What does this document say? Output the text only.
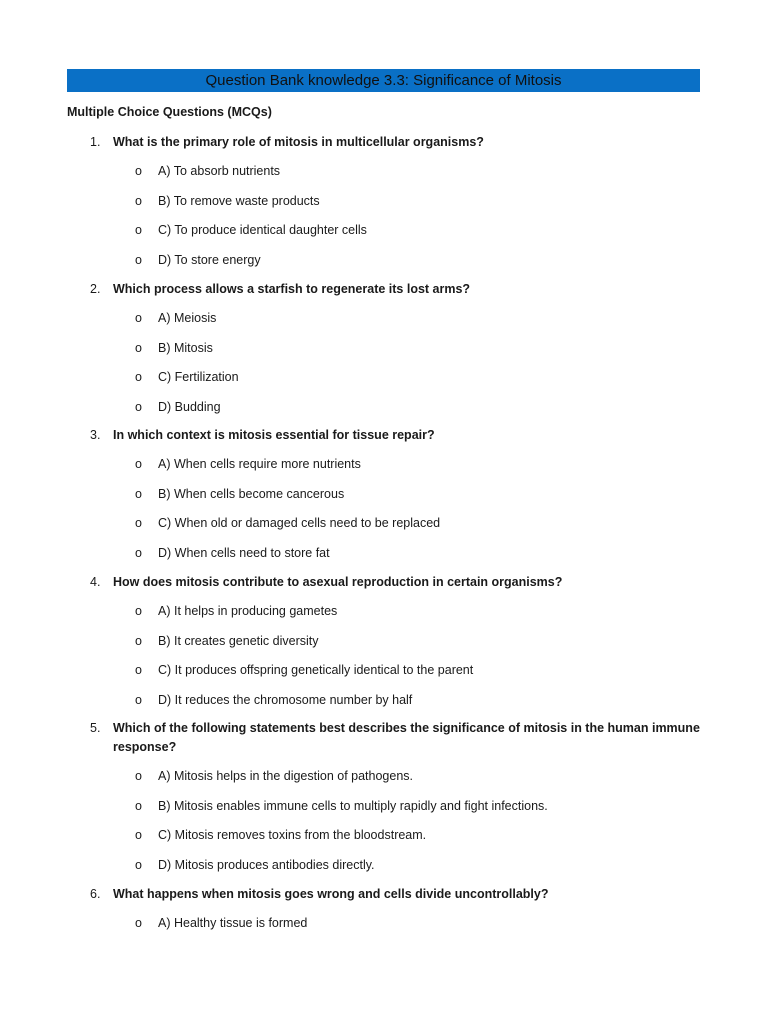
Question Bank knowledge 3.3: Significance of Mitosis
Multiple Choice Questions (MCQs)
1. What is the primary role of mitosis in multicellular organisms?
o A) To absorb nutrients
o B) To remove waste products
o C) To produce identical daughter cells
o D) To store energy
2. Which process allows a starfish to regenerate its lost arms?
o A) Meiosis
o B) Mitosis
o C) Fertilization
o D) Budding
3. In which context is mitosis essential for tissue repair?
o A) When cells require more nutrients
o B) When cells become cancerous
o C) When old or damaged cells need to be replaced
o D) When cells need to store fat
4. How does mitosis contribute to asexual reproduction in certain organisms?
o A) It helps in producing gametes
o B) It creates genetic diversity
o C) It produces offspring genetically identical to the parent
o D) It reduces the chromosome number by half
5. Which of the following statements best describes the significance of mitosis in the human immune response?
o A) Mitosis helps in the digestion of pathogens.
o B) Mitosis enables immune cells to multiply rapidly and fight infections.
o C) Mitosis removes toxins from the bloodstream.
o D) Mitosis produces antibodies directly.
6. What happens when mitosis goes wrong and cells divide uncontrollably?
o A) Healthy tissue is formed
